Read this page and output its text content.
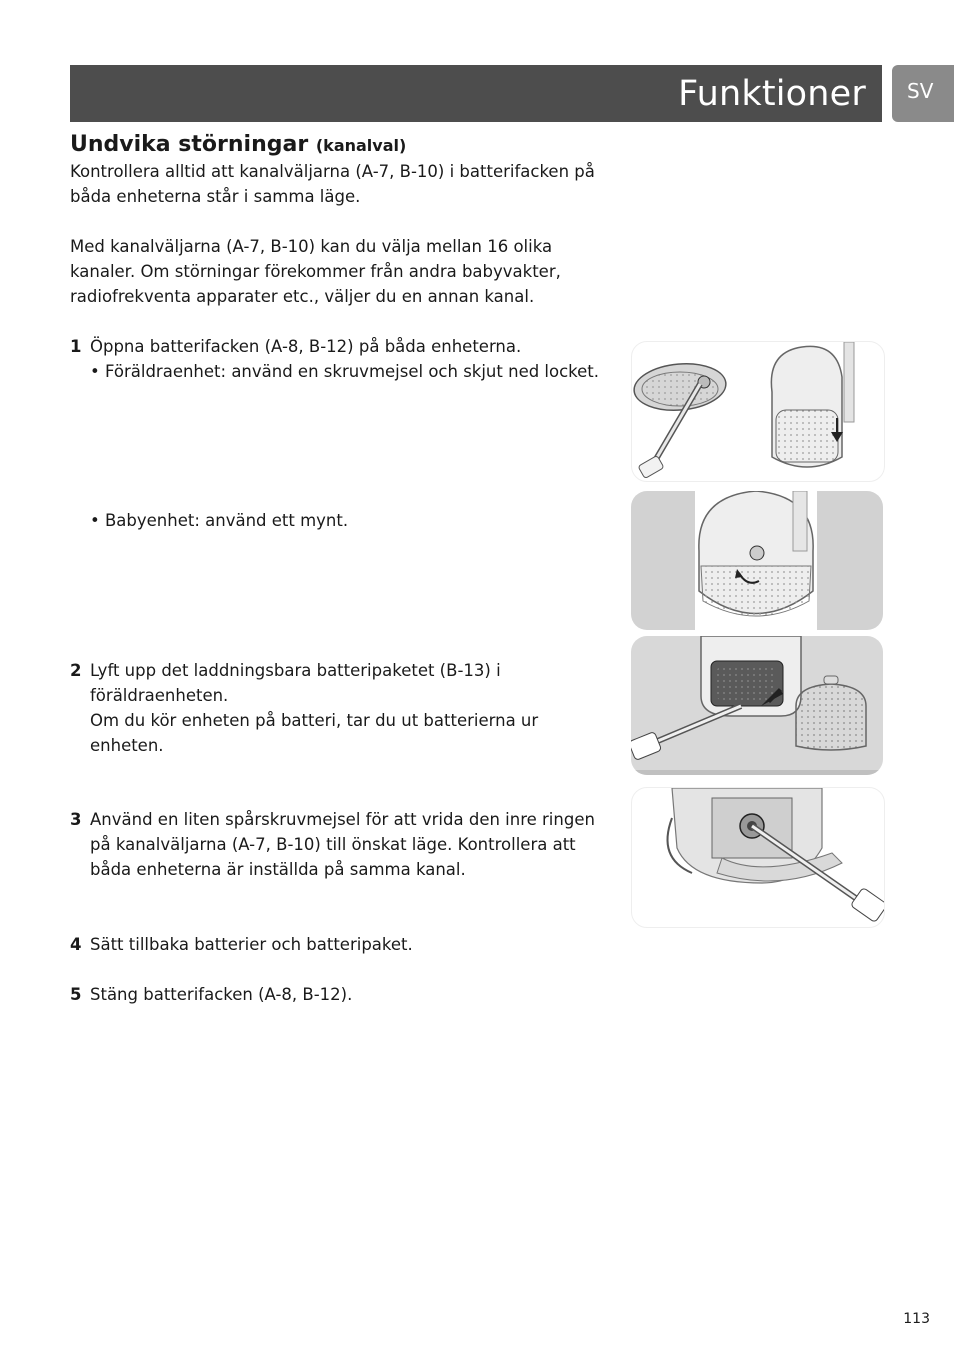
Funktioner SV
Undvika störningar (kanalval)
Kontrollera alltid att kanalväljarna (A-7, B-10) i batterifacken på
båda enheterna står i samma läge.
Med kanalväljarna (A-7, B-10) kan du välja mellan 16 olika
kanaler. Om störningar förekommer från andra babyvakter,
radiofrekventa apparater etc., väljer du en annan kanal.
1 Öppna batterifacken (A-8, B-12) på båda enheterna.
• Föräldraenhet: använd en skruvmejsel och skjut ned locket.
• Babyenhet: använd ett mynt.
2 Lyft upp det laddningsbara batteripaketet (B-13) i
föräldraenheten.
Om du kör enheten på batteri, tar du ut batterierna ur
enheten.
3 Använd en liten spårskruvmejsel för att vrida den inre ringen
på kanalväljarna (A-7, B-10) till önskat läge. Kontrollera att
båda enheterna är inställda på samma kanal.
4 Sätt tillbaka batterier och batteripaket.
5 Stäng batterifacken (A-8, B-12).
113
